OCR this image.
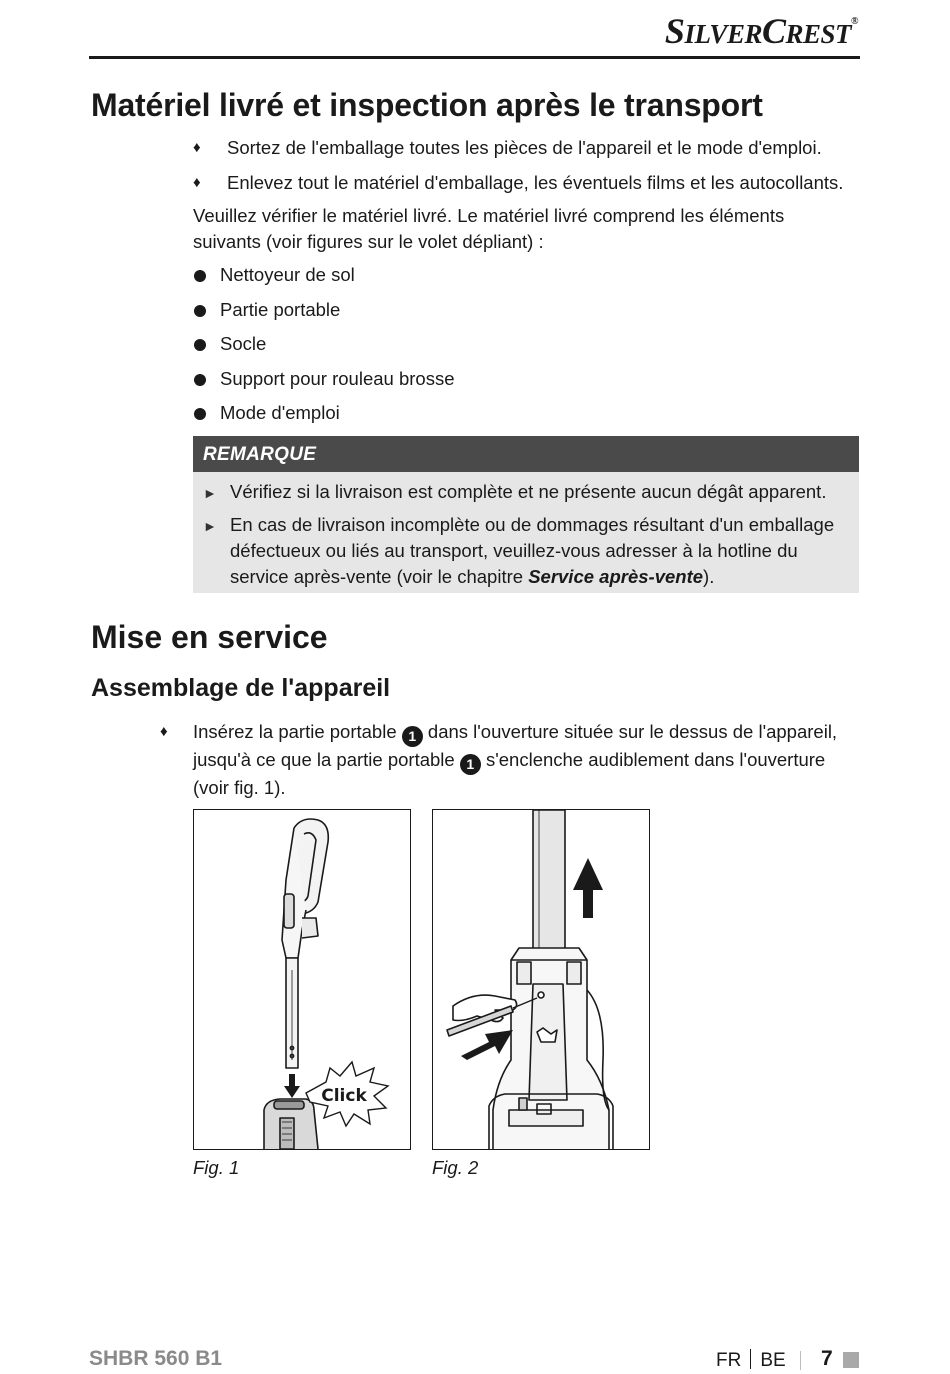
SILVERCREST®
Matériel livré et inspection après le transport
♦ Sortez de l'emballage toutes les pièces de l'appareil et le mode d'emploi.
♦ Enlevez tout le matériel d'emballage, les éventuels films et les autocollants.
Veuillez vérifier le matériel livré. Le matériel livré comprend les éléments
suivants (voir figures sur le volet dépliant) :
Nettoyeur de sol
Partie portable
Socle
Support pour rouleau brosse
Mode d'emploi
REMARQUE
► Vérifiez si la livraison est complète et ne présente aucun dégât apparent.
► En cas de livraison incomplète ou de dommages résultant d'un emballage
défectueux ou liés au transport, veuillez-vous adresser à la hotline du
service après-vente (voir le chapitre Service après-vente).
Mise en service
Assemblage de l'appareil
♦ Insérez la partie portable 1 dans l'ouverture située sur le dessus de l'appareil,
jusqu'à ce que la partie portable 1 s'enclenche audiblement dans l'ouverture
(voir fig. 1).
Click
Fig. 1	Fig. 2
SHBR 560 B1	FR BE 7
